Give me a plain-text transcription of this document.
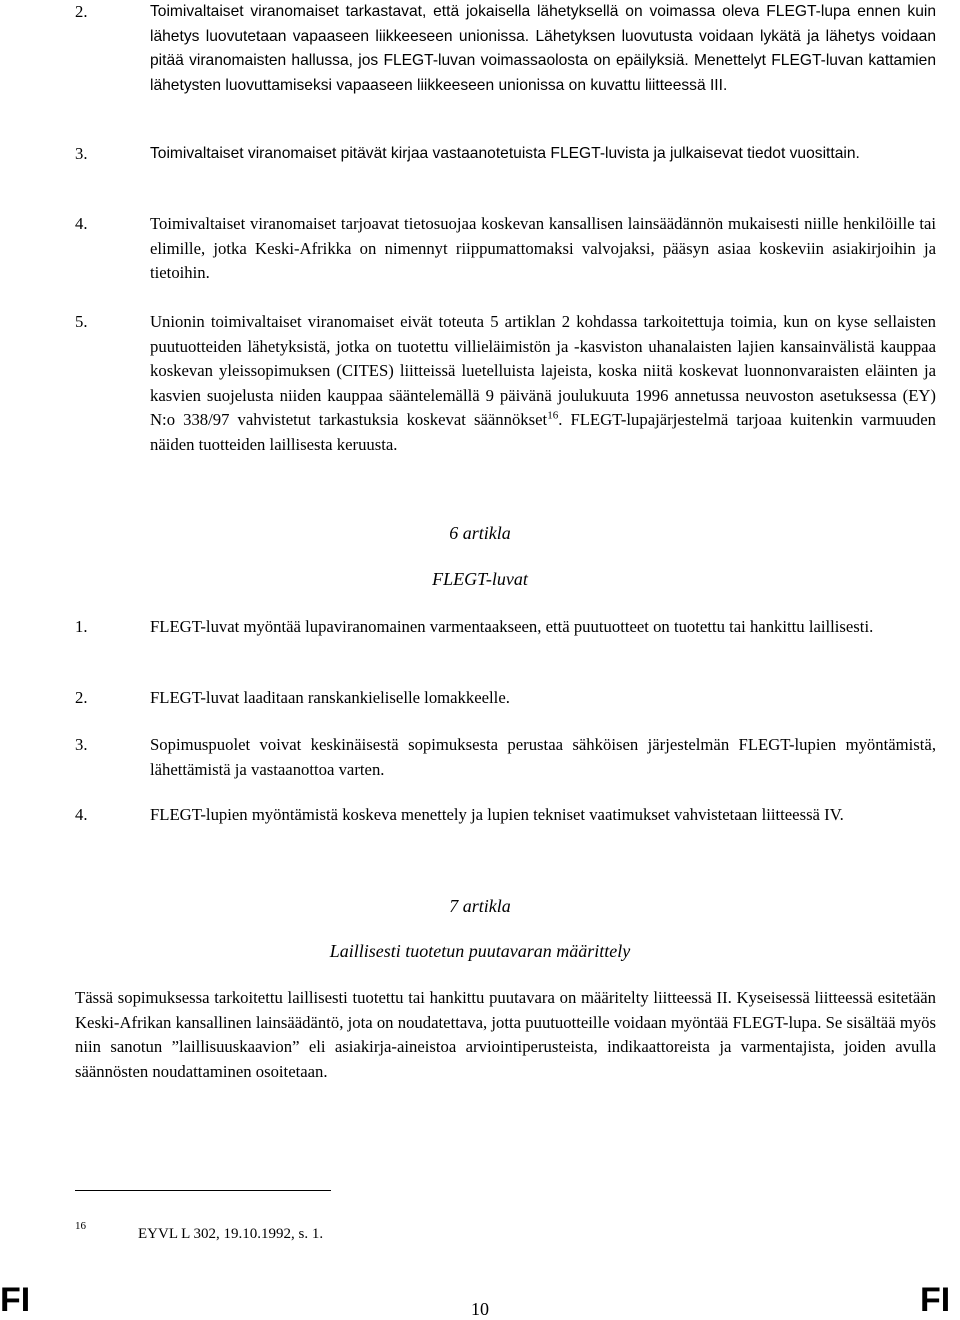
2.	Toimivaltaiset viranomaiset tarkastavat, että jokaisella lähetyksellä on voimassa oleva FLEGT-lupa ennen kuin lähetys luovutetaan vapaaseen liikkeeseen unionissa. Lähetyksen luovutusta voidaan lykätä ja lähetys voidaan pitää viranomaisten hallussa, jos FLEGT-luvan voimassaolosta on epäilyksiä. Menettelyt FLEGT-luvan kattamien lähetysten luovuttamiseksi vapaaseen liikkeeseen unionissa on kuvattu liitteessä III.
3.	Toimivaltaiset viranomaiset pitävät kirjaa vastaanotetuista FLEGT-luvista ja julkaisevat tiedot vuosittain.
4.	Toimivaltaiset viranomaiset tarjoavat tietosuojaa koskevan kansallisen lainsäädännön mukaisesti niille henkilöille tai elimille, jotka Keski-Afrikka on nimennyt riippumattomaksi valvojaksi, pääsyn asiaa koskeviin asiakirjoihin ja tietoihin.
5.	Unionin toimivaltaiset viranomaiset eivät toteuta 5 artiklan 2 kohdassa tarkoitettuja toimia, kun on kyse sellaisten puutuotteiden lähetyksistä, jotka on tuotettu villieläimistön ja -kasviston uhanalaisten lajien kansainvälistä kauppaa koskevan yleissopimuksen (CITES) liitteissä luetelluista lajeista, koska niitä koskevat luonnonvaraisten eläinten ja kasvien suojelusta niiden kauppaa sääntelemällä 9 päivänä joulukuuta 1996 annetussa neuvoston asetuksessa (EY) N:o 338/97 vahvistetut tarkastuksia koskevat säännökset$^{16}$. FLEGT-lupajärjestelmä tarjoaa kuitenkin varmuuden näiden tuotteiden laillisesta keruusta.
6 artikla
FLEGT-luvat
1.	FLEGT-luvat myöntää lupaviranomainen varmentaakseen, että puutuotteet on tuotettu tai hankittu laillisesti.
2.	FLEGT-luvat laaditaan ranskankieliselle lomakkeelle.
3.	Sopimuspuolet voivat keskinäisestä sopimuksesta perustaa sähköisen järjestelmän FLEGT-lupien myöntämistä, lähettämistä ja vastaanottoa varten.
4.	FLEGT-lupien myöntämistä koskeva menettely ja lupien tekniset vaatimukset vahvistetaan liitteessä IV.
7 artikla
Laillisesti tuotetun puutavaran määrittely
Tässä sopimuksessa tarkoitettu laillisesti tuotettu tai hankittu puutavara on määritelty liitteessä II. Kyseisessä liitteessä esitetään Keski-Afrikan kansallinen lainsäädäntö, jota on noudatettava, jotta puutuotteille voidaan myöntää FLEGT-lupa. Se sisältää myös niin sanotun ”laillisuuskaavion” eli asiakirja-aineistoa arviointiperusteista, indikaattoreista ja varmentajista, joiden avulla säännösten noudattaminen osoitetaan.
16	EYVL L 302, 19.10.1992, s. 1.
FI	10	FI
